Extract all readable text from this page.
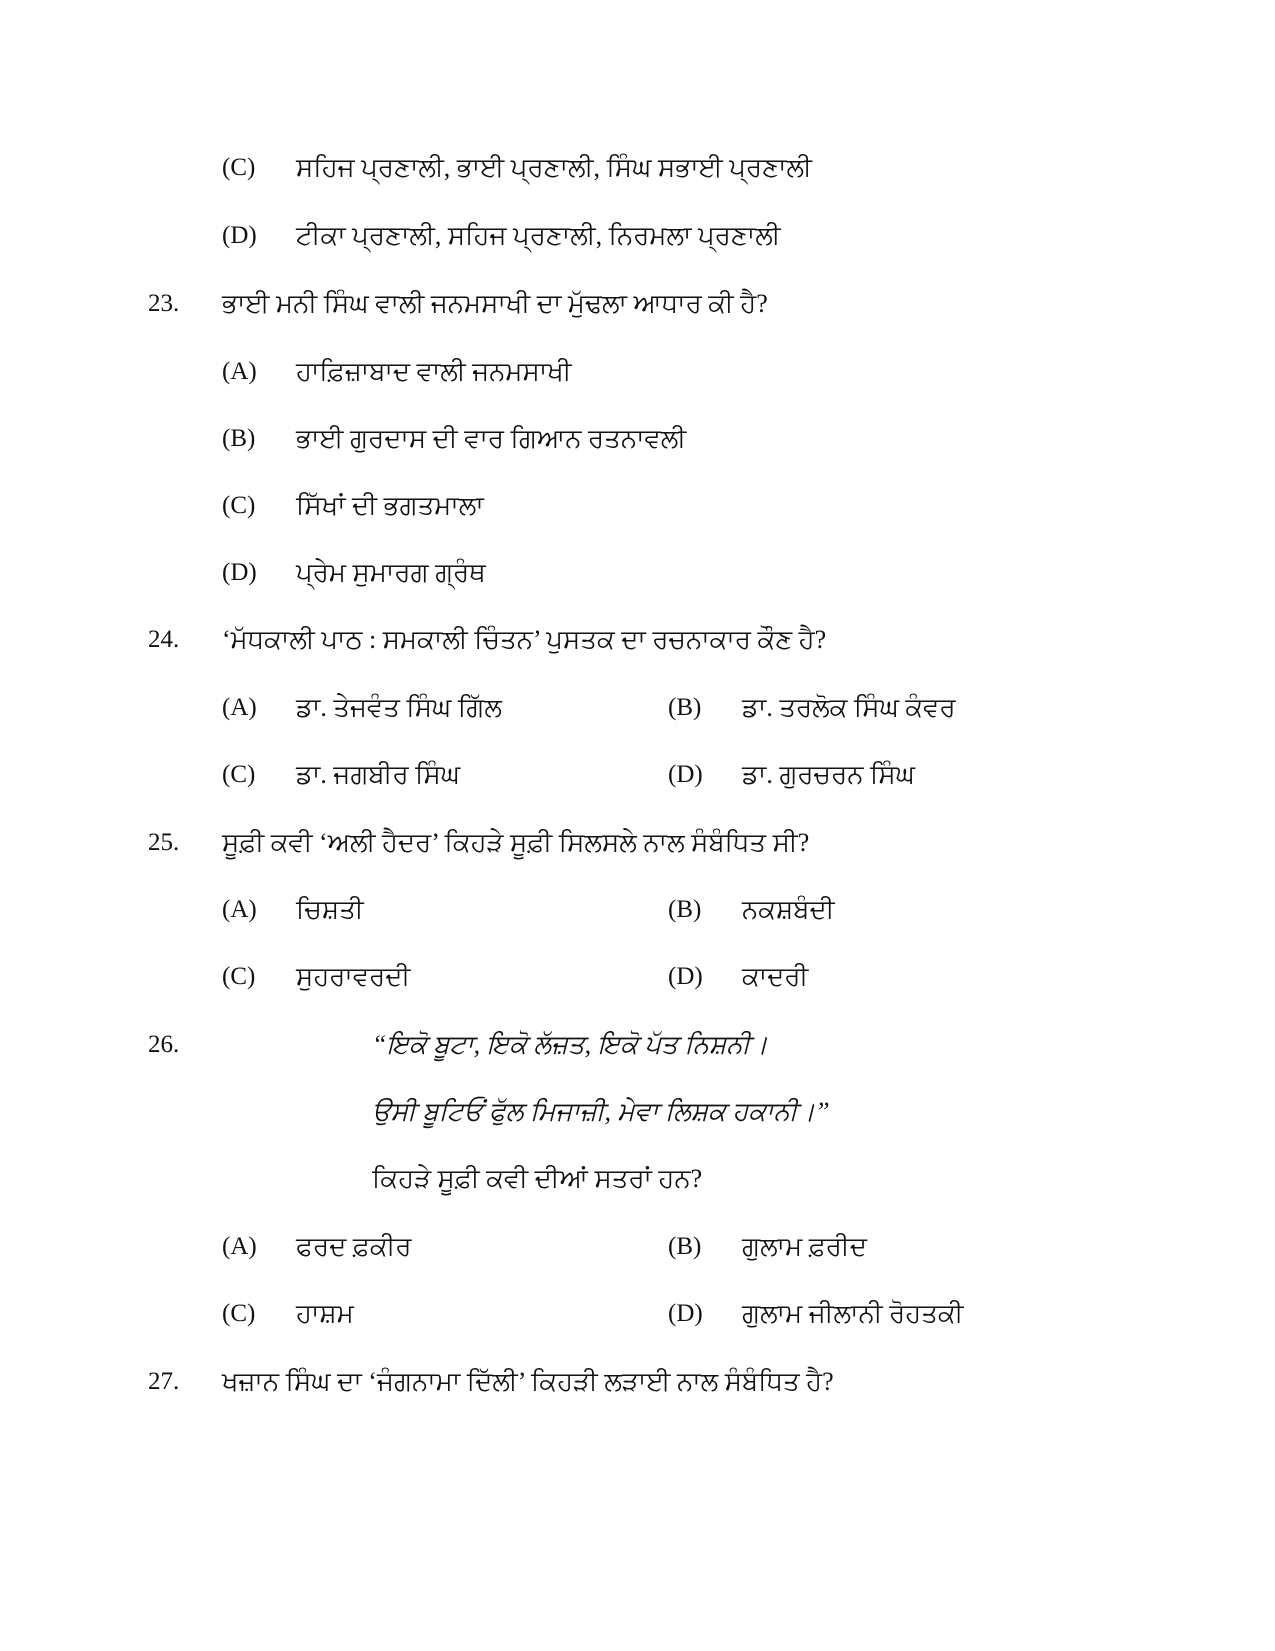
(C) ਸਹਿਜ ਪ੍ਰਣਾਲੀ, ਭਾਈ ਪ੍ਰਣਾਲੀ, ਸਿੰਘ ਸਭਾਈ ਪ੍ਰਣਾਲੀ
(D) ਟੀਕਾ ਪ੍ਰਣਾਲੀ, ਸਹਿਜ ਪ੍ਰਣਾਲੀ, ਨਿਰਮਲਾ ਪ੍ਰਣਾਲੀ
23. ਭਾਈ ਮਨੀ ਸਿੰਘ ਵਾਲੀ ਜਨਮਸਾਖੀ ਦਾ ਮੁੱਢਲਾ ਆਧਾਰ ਕੀ ਹੈ?
(A) ਹਾਫ਼ਿਜ਼ਾਬਾਦ ਵਾਲੀ ਜਨਮਸਾਖੀ
(B) ਭਾਈ ਗੁਰਦਾਸ ਦੀ ਵਾਰ ਗਿਆਨ ਰਤਨਾਵਲੀ
(C) ਸਿੱਖਾਂ ਦੀ ਭਗਤਮਾਲਾ
(D) ਪ੍ਰੇਮ ਸੁਮਾਰਗ ਗ੍ਰੰਥ
24. ‘ਮੱਧਕਾਲੀ ਪਾਠ : ਸਮਕਾਲੀ ਚਿੰਤਨ’ ਪੁਸਤਕ ਦਾ ਰਚਨਾਕਾਰ ਕੌਣ ਹੈ?
(A) ਡਾ. ਤੇਜਵੰਤ ਸਿੰਘ ਗਿੱਲ	(B) ਡਾ. ਤਰਲੋਕ ਸਿੰਘ ਕੰਵਰ
(C) ਡਾ. ਜਗਬੀਰ ਸਿੰਘ	(D) ਡਾ. ਗੁਰਚਰਨ ਸਿੰਘ
25. ਸੂਫ਼ੀ ਕਵੀ ‘ਅਲੀ ਹੈਦਰ’ ਕਿਹੜੇ ਸੂਫ਼ੀ ਸਿਲਸਲੇ ਨਾਲ ਸੰਬੰਧਿਤ ਸੀ?
(A) ਚਿਸ਼ਤੀ	(B) ਨਕਸ਼ਬੰਦੀ
(C) ਸੁਹਰਾਵਰਦੀ	(D) ਕਾਦਰੀ
26.	“ਇਕੋ ਬੂਟਾ, ਇਕੋ ਲੱਜ਼ਤ, ਇਕੋ ਪੱਤ ਨਿਸ਼ਨੀ।
ਉਸੀ ਬੂਟਿਓਂ ਫੁੱਲ ਮਿਜਾਜ਼ੀ, ਮੇਵਾ ਲਿਸ਼ਕ ਹਕਾਨੀ।”
ਕਿਹੜੇ ਸੂਫ਼ੀ ਕਵੀ ਦੀਆਂ ਸਤਰਾਂ ਹਨ?
(A) ਫਰਦ ਫ਼ਕੀਰ	(B) ਗੁਲਾਮ ਫ਼ਰੀਦ
(C) ਹਾਸ਼ਮ	(D) ਗੁਲਾਮ ਜੀਲਾਨੀ ਰੋਹਤਕੀ
27. ਖਜ਼ਾਨ ਸਿੰਘ ਦਾ ‘ਜੰਗਨਾਮਾ ਦਿੱਲੀ’ ਕਿਹੜੀ ਲੜਾਈ ਨਾਲ ਸੰਬੰਧਿਤ ਹੈ?
